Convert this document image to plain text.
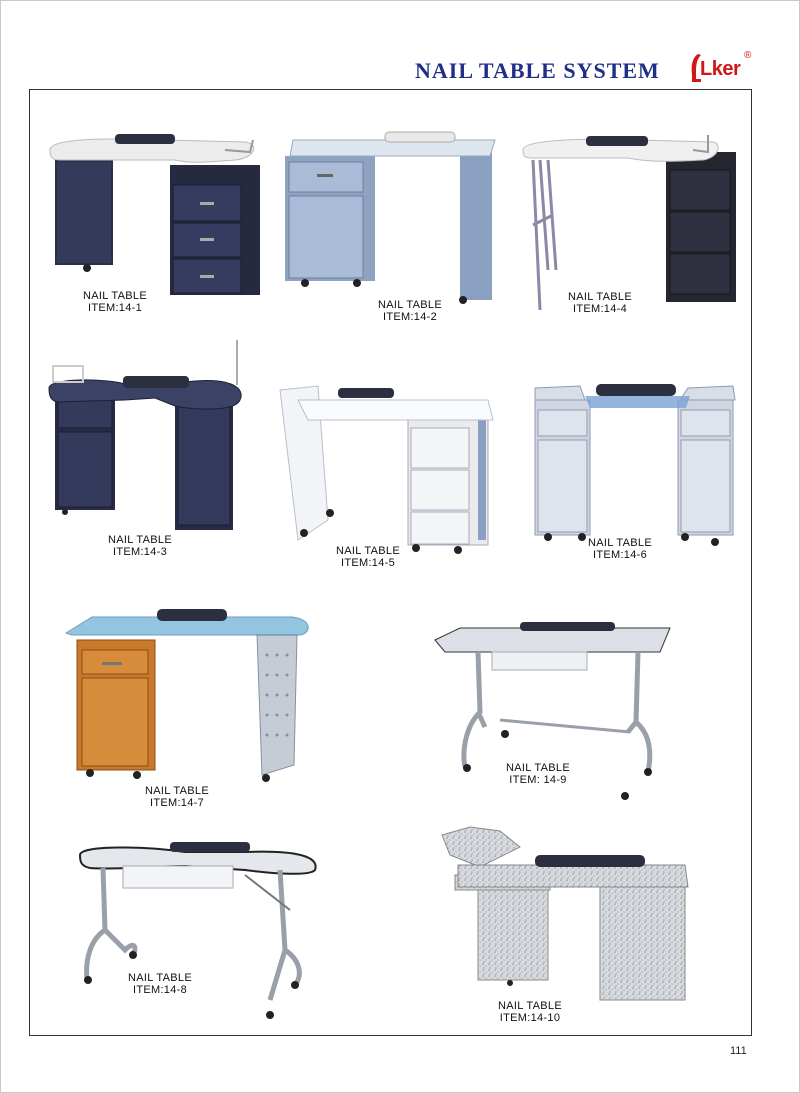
NAIL TABLE SYSTEM Lker
®
NAIL TABLE
ITEM:14-1	NAIL TABLE
ITEM:14-2
NAIL TABLE
ITEM:14-4
NAIL TABLE
ITEM:14-3	NAIL TABLE
ITEM:14-5
NAIL TABLE
ITEM:14-6
NAIL TABLE
ITEM:14-7
NAIL TABLE
ITEM: 14-9
NAIL TABLE
ITEM:14-8
NAIL TABLE
ITEM:14-10
111
